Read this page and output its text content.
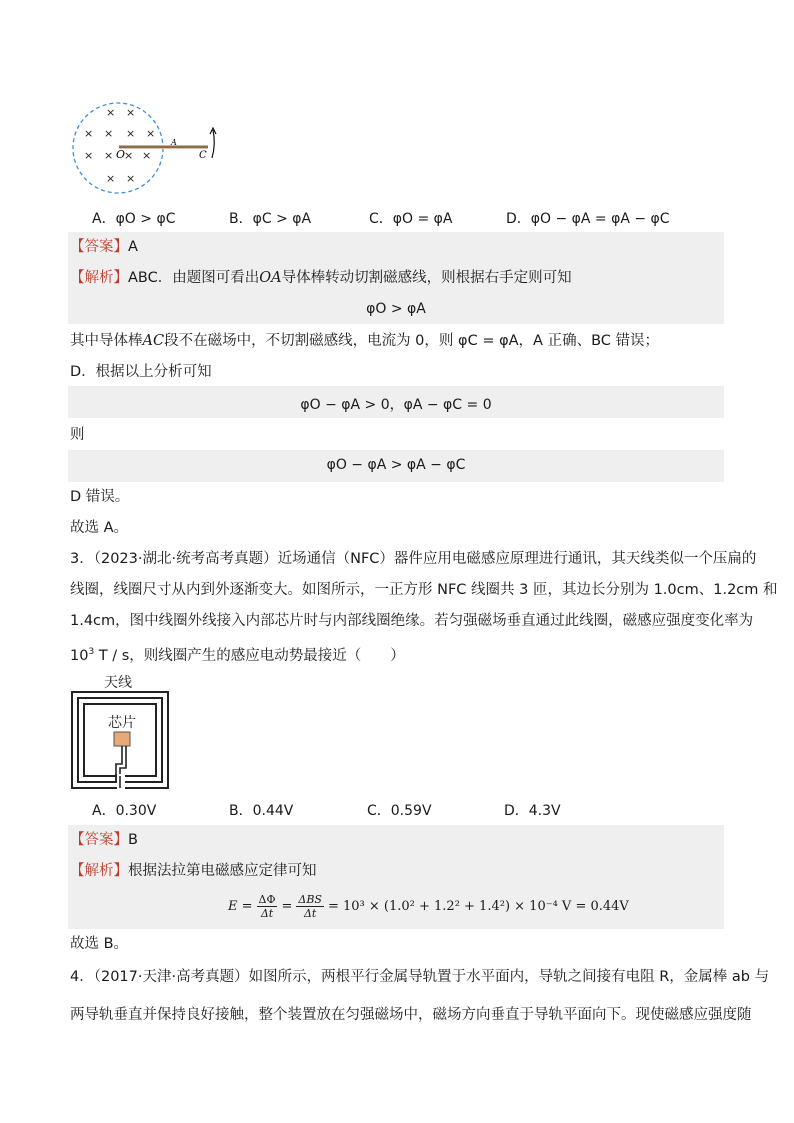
× ×
× × × ×
× × × ×
× ×
O
A
C
A．φO > φC	B．φC > φA	C．φO = φA	D．φO − φA = φA − φC
【答案】A
【解析】ABC．由题图可看出OA导体棒转动切割磁感线，则根据右手定则可知
φO > φA
其中导体棒AC段不在磁场中，不切割磁感线，电流为 0，则 φC = φA，A 正确、BC 错误；
D．根据以上分析可知
φO − φA > 0，φA − φC = 0
则
φO − φA > φA − φC
D 错误。
故选 A。
3．（2023·湖北·统考高考真题）近场通信（NFC）器件应用电磁感应原理进行通讯，其天线类似一个压扁的
线圈，线圈尺寸从内到外逐渐变大。如图所示，一正方形 NFC 线圈共 3 匝，其边长分别为 1.0cm、1.2cm 和
1.4cm，图中线圈外线接入内部芯片时与内部线圈绝缘。若匀强磁场垂直通过此线圈，磁感应强度变化率为
$10^3$ T / s，则线圈产生的感应电动势最接近（　　）
天线
芯片
A．0.30V	B．0.44V	C．0.59V	D．4.3V
【答案】B
【解析】根据法拉第电磁感应定律可知
$E = \frac{\Delta\Phi}{\Delta t} = \Delta BS$
Δt = 10³ × (1.0² + 1.2² + 1.4²) × 10⁻⁴ V = 0.44V
故选 B。
4．（2017·天津·高考真题）如图所示，两根平行金属导轨置于水平面内，导轨之间接有电阻 R，金属棒 ab 与
两导轨垂直并保持良好接触，整个装置放在匀强磁场中，磁场方向垂直于导轨平面向下。现使磁感应强度随
